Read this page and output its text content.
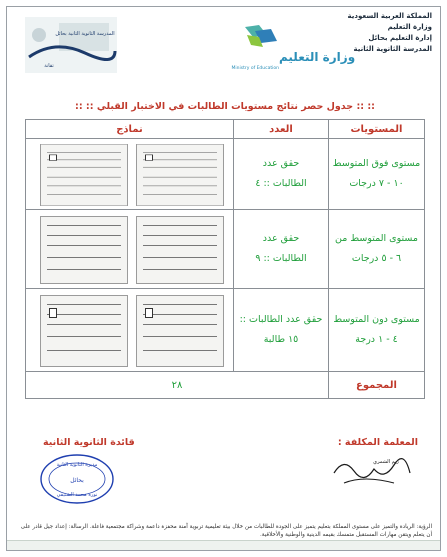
المملكة العربية السعودية
وزارة التعليم
إدارة التعليم بحائل
المدرسة الثانوية الثانية
وزارة التعليم
Ministry of Education
المدرسة الثانوية الثانية بحائل
تقانة
:: :: جدول حصر نتائج مستويات الطالبات في الاختبار القبلي :: ::
المستويات
العدد
نماذج
مستوى فوق المتوسط
١٠ - ٧ درجات
حقق عدد
الطالبات :: ٤
مستوى المتوسط من
٦ - ٥ درجات
حقق عدد
الطالبات :: ٩
مستوى دون المتوسط
٤ - ١ درجة
حقق عدد الطالبات ::
١٥ طالبة
المجموع
٢٨
المعلمة المكلفة :
قائدة الثانوية الثانية
ريم الشمري
مديرة الثانوية الثانية
بحائل
نورة محمد الشنيفي
الرؤية: الريادة والتميز على مستوى المملكة بتعليم يتميز على الجودة للطالبات من خلال بيئة تعليمية تربوية آمنة محفزة داعمة وشراكة مجتمعية فاعلة. الرسالة: إعداد جيل قادر على أن يتعلم ويتقن مهارات المستقبل متمسك بقيمه الدينية والوطنية والأخلاقية.
